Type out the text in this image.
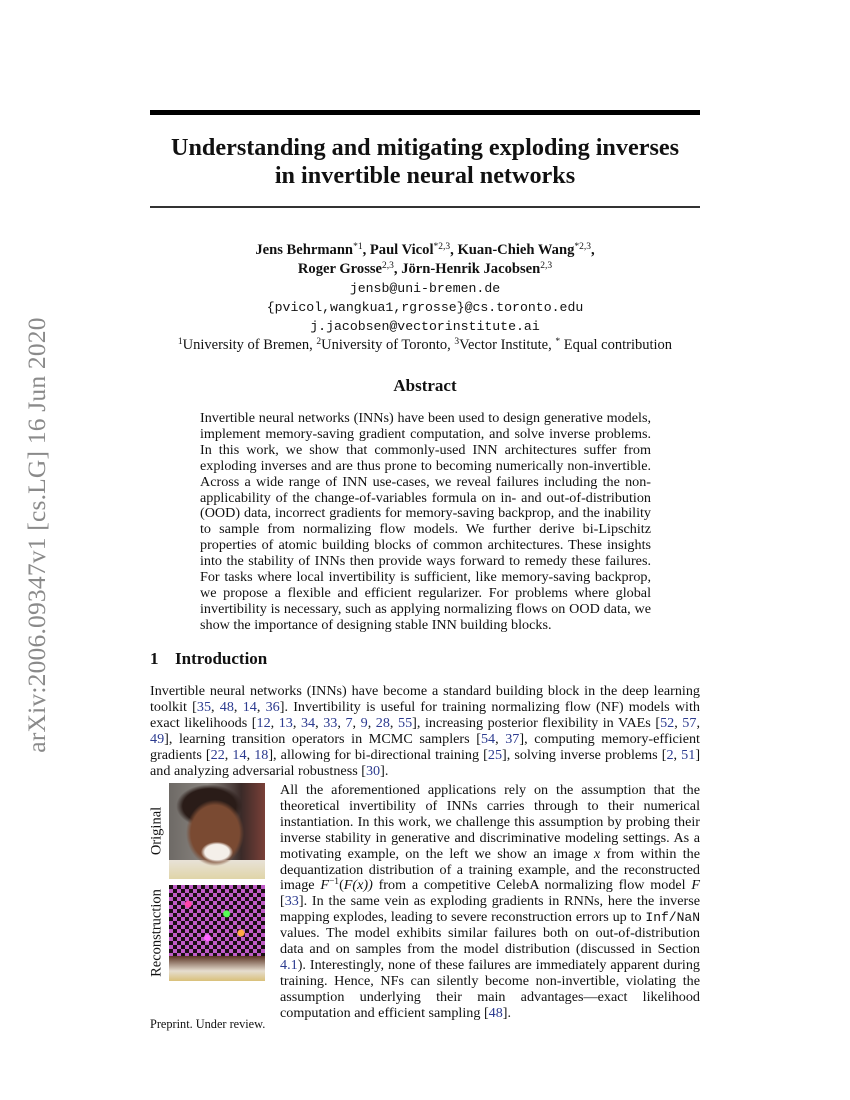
arXiv:2006.09347v1 [cs.LG] 16 Jun 2020
Understanding and mitigating exploding inverses
in invertible neural networks
Jens Behrmann$^{*1}$, Paul Vicol$^{*2,3}$, Kuan-Chieh Wang$^{*2,3}$,
Roger Grosse$^{2,3}$, Jörn-Henrik Jacobsen$^{2,3}$
jensb@uni-bremen.de
{pvicol,wangkua1,rgrosse}@cs.toronto.edu
j.jacobsen@vectorinstitute.ai
$^1$University of Bremen, $^2$University of Toronto, $^3$Vector Institute, * Equal contribution
Abstract
Invertible neural networks (INNs) have been used to design generative models, implement memory-saving gradient computation, and solve inverse problems. In this work, we show that commonly-used INN architectures suffer from exploding inverses and are thus prone to becoming numerically non-invertible. Across a wide range of INN use-cases, we reveal failures including the non-applicability of the change-of-variables formula on in- and out-of-distribution (OOD) data, incorrect gradients for memory-saving backprop, and the inability to sample from normalizing flow models. We further derive bi-Lipschitz properties of atomic building blocks of common architectures. These insights into the stability of INNs then provide ways forward to remedy these failures. For tasks where local invertibility is sufficient, like memory-saving backprop, we propose a flexible and efficient regularizer. For problems where global invertibility is necessary, such as applying normalizing flows on OOD data, we show the importance of designing stable INN building blocks.
1 Introduction
Invertible neural networks (INNs) have become a standard building block in the deep learning toolkit [35, 48, 14, 36]. Invertibility is useful for training normalizing flow (NF) models with exact likelihoods [12, 13, 34, 33, 7, 9, 28, 55], increasing posterior flexibility in VAEs [52, 57, 49], learning transition operators in MCMC samplers [54, 37], computing memory-efficient gradients [22, 14, 18], allowing for bi-directional training [25], solving inverse problems [2, 51] and analyzing adversarial robustness [30].
Original
Reconstruction
All the aforementioned applications rely on the assumption that the theoretical invertibility of INNs carries through to their numerical instantiation. In this work, we challenge this assumption by probing their inverse stability in generative and discriminative modeling settings. As a motivating example, on the left we show an image x from within the dequantization distribution of a training example, and the reconstructed image $F^{-1}(F(x))$ from a competitive CelebA normalizing flow model F [33]. In the same vein as exploding gradients in RNNs, here the inverse mapping explodes, leading to severe reconstruction errors up to Inf/NaN values. The model exhibits similar failures both on out-of-distribution data and on samples from the model distribution (discussed in Section 4.1). Interestingly, none of these failures are immediately apparent during training. Hence, NFs can silently become non-invertible, violating the assumption underlying their main advantages—exact likelihood computation and efficient sampling [48].
Preprint. Under review.
